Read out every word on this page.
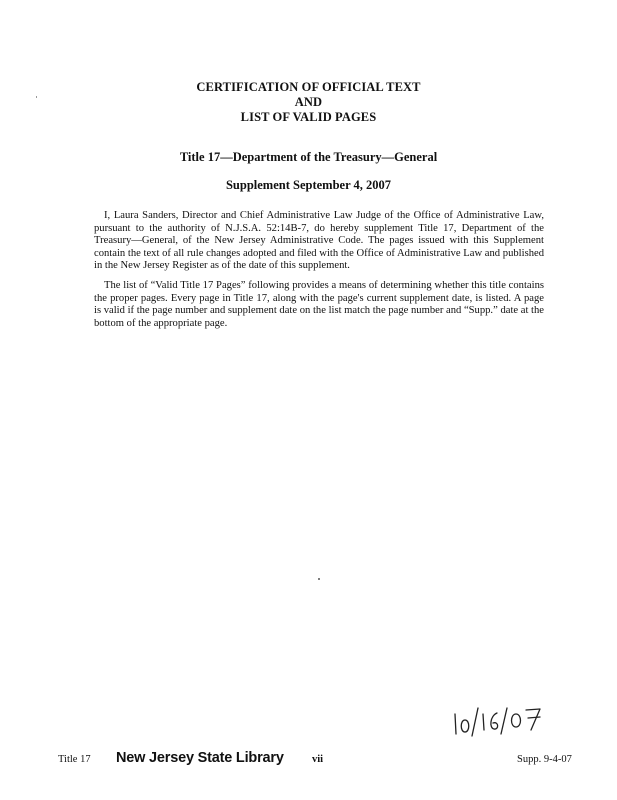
CERTIFICATION OF OFFICIAL TEXT
AND
LIST OF VALID PAGES
Title 17—Department of the Treasury—General
Supplement September 4, 2007

I, Laura Sanders, Director and Chief Administrative Law Judge of the Office of Administrative Law, pursuant to the authority of N.J.S.A. 52:14B-7, do hereby supplement Title 17, Department of the Treasury—General, of the New Jersey Administrative Code. The pages issued with this Supplement contain the text of all rule changes adopted and filed with the Office of Administrative Law and published in the New Jersey Register as of the date of this supplement.

The list of “Valid Title 17 Pages” following provides a means of determining whether this title contains the proper pages. Every page in Title 17, along with the page's current supplement date, is listed. A page is valid if the page number and supplement date on the list match the page number and “Supp.” date at the bottom of the appropriate page.

Title 17 New Jersey State Library	vii	Supp. 9-4-07
